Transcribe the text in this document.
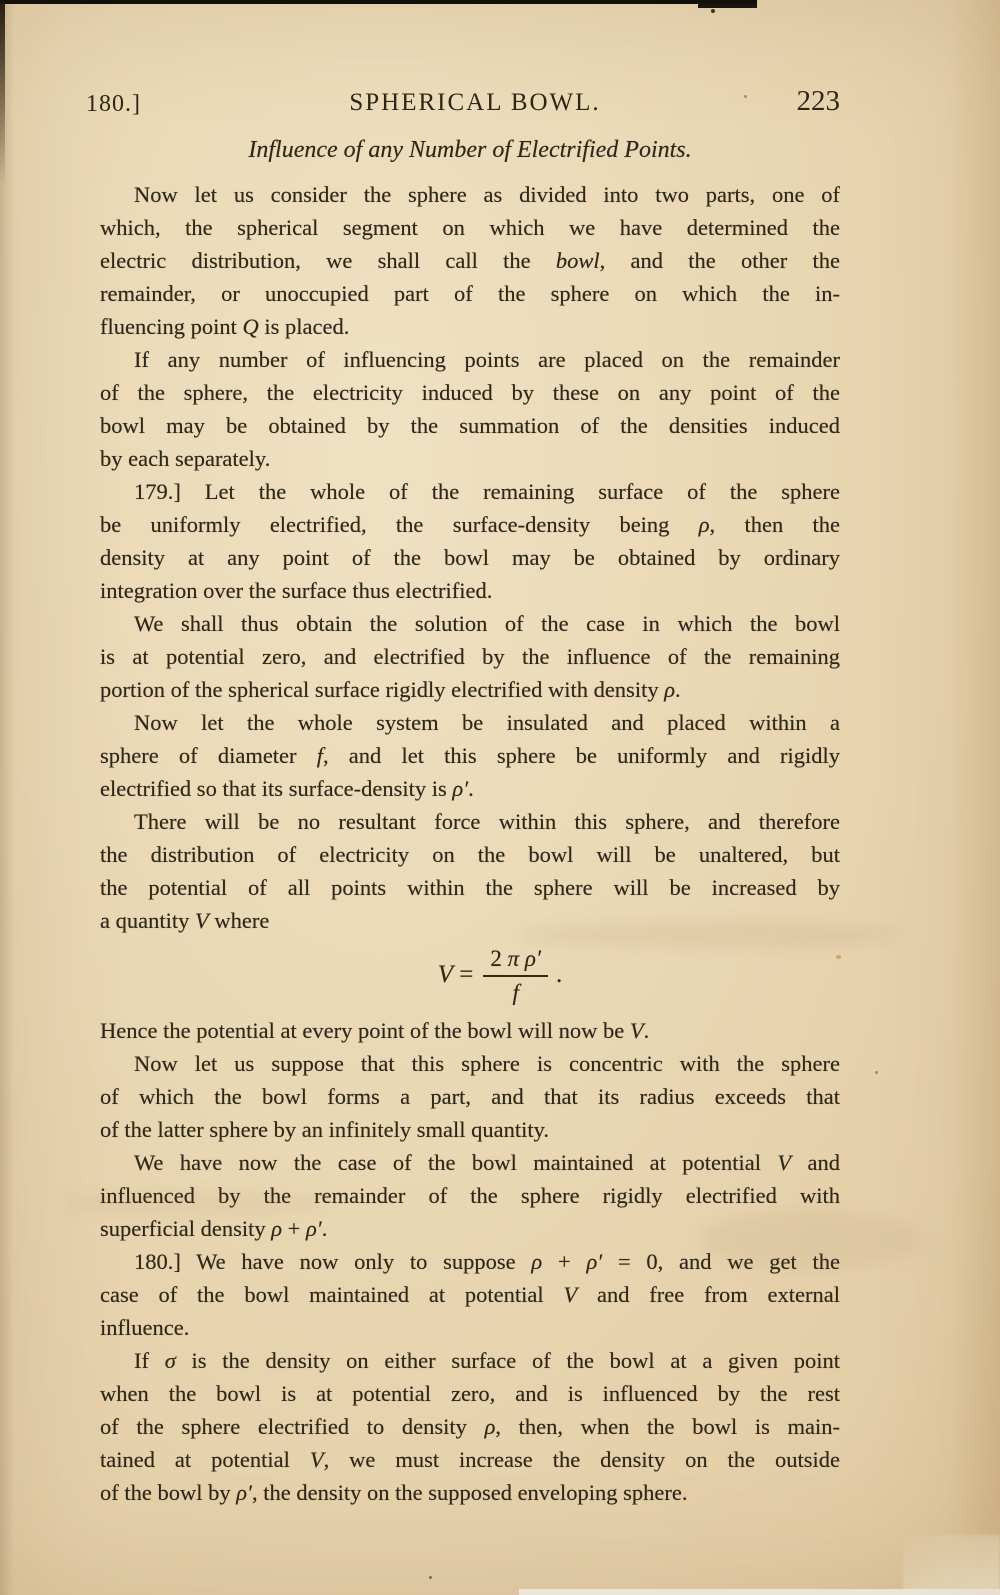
180.]	SPHERICAL BOWL.	223
Influence of any Number of Electrified Points.
Now let us consider the sphere as divided into two parts, one of
which, the spherical segment on which we have determined the
electric distribution, we shall call the bowl, and the other the
remainder, or unoccupied part of the sphere on which the in-
fluencing point Q is placed.
If any number of influencing points are placed on the remainder
of the sphere, the electricity induced by these on any point of the
bowl may be obtained by the summation of the densities induced
by each separately.
179.] Let the whole of the remaining surface of the sphere
be uniformly electrified, the surface-density being ρ, then the
density at any point of the bowl may be obtained by ordinary
integration over the surface thus electrified.
We shall thus obtain the solution of the case in which the bowl
is at potential zero, and electrified by the influence of the remaining
portion of the spherical surface rigidly electrified with density ρ.
Now let the whole system be insulated and placed within a
sphere of diameter f, and let this sphere be uniformly and rigidly
electrified so that its surface-density is ρ′.
There will be no resultant force within this sphere, and therefore
the distribution of electricity on the bowl will be unaltered, but
the potential of all points within the sphere will be increased by
a quantity V where
$V = \frac{\text{2 π ρ′}}{f}$ .
Hence the potential at every point of the bowl will now be V.
Now let us suppose that this sphere is concentric with the sphere
of which the bowl forms a part, and that its radius exceeds that
of the latter sphere by an infinitely small quantity.
We have now the case of the bowl maintained at potential V and
influenced by the remainder of the sphere rigidly electrified with
superficial density ρ + ρ′.
180.] We have now only to suppose ρ + ρ′ = 0, and we get the
case of the bowl maintained at potential V and free from external
influence.
If σ is the density on either surface of the bowl at a given point
when the bowl is at potential zero, and is influenced by the rest
of the sphere electrified to density ρ, then, when the bowl is main-
tained at potential V, we must increase the density on the outside
of the bowl by ρ′, the density on the supposed enveloping sphere.
